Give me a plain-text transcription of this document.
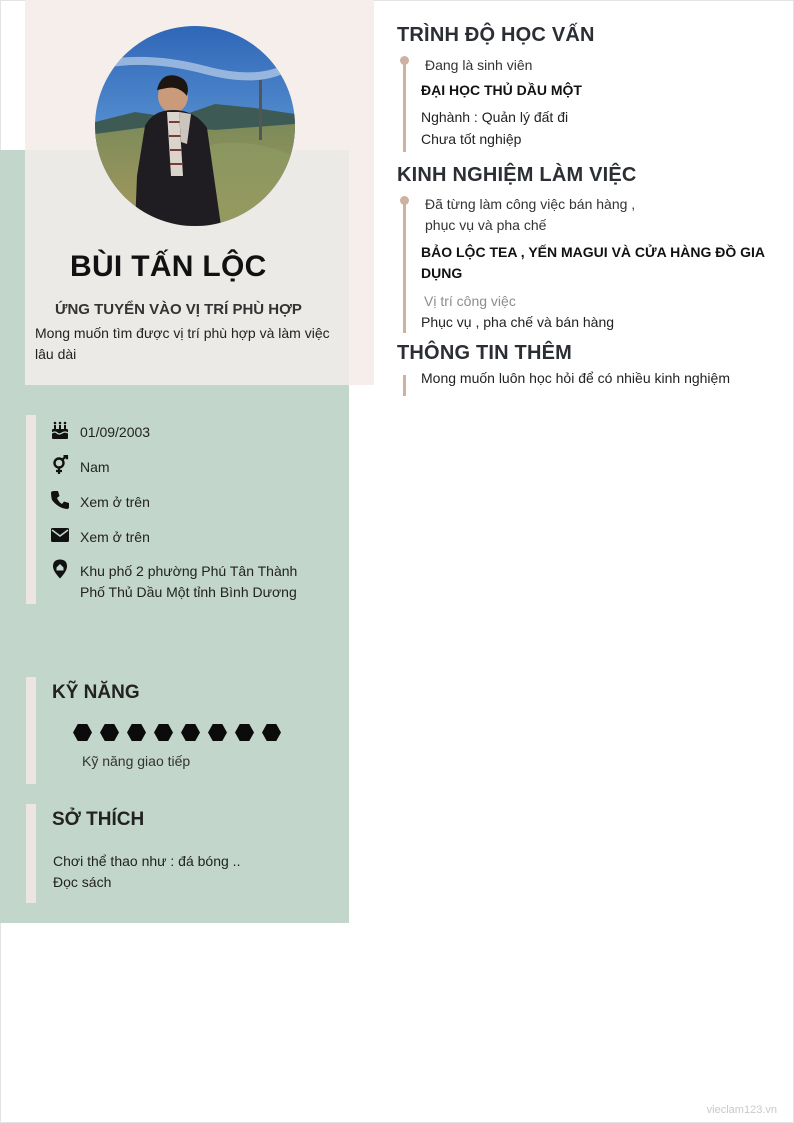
BÙI TẤN LỘC
ỨNG TUYỂN VÀO VỊ TRÍ PHÙ HỢP
Mong muốn tìm được vị trí phù hợp và làm việc lâu dài
01/09/2003
Nam
Xem ở trên
Xem ở trên
Khu phố 2 phường Phú Tân Thành
Phố Thủ Dầu Một tỉnh Bình Dương
KỸ NĂNG
Kỹ năng giao tiếp
SỞ THÍCH
Chơi thể thao như : đá bóng ..
Đọc sách
TRÌNH ĐỘ HỌC VẤN
Đang là sinh viên
ĐẠI HỌC THỦ DẦU MỘT
Nghành : Quản lý đất đi
Chưa tốt nghiệp
KINH NGHIỆM LÀM VIỆC
Đã từng làm công việc bán hàng ,
phục vụ và pha chế
BẢO LỘC TEA , YẾN MAGUI VÀ CỬA HÀNG ĐỒ GIA
DỤNG
Vị trí công việc
Phục vụ , pha chế và bán hàng
THÔNG TIN THÊM
Mong muốn luôn học hỏi để có nhiều kinh nghiệm
vieclam123.vn
